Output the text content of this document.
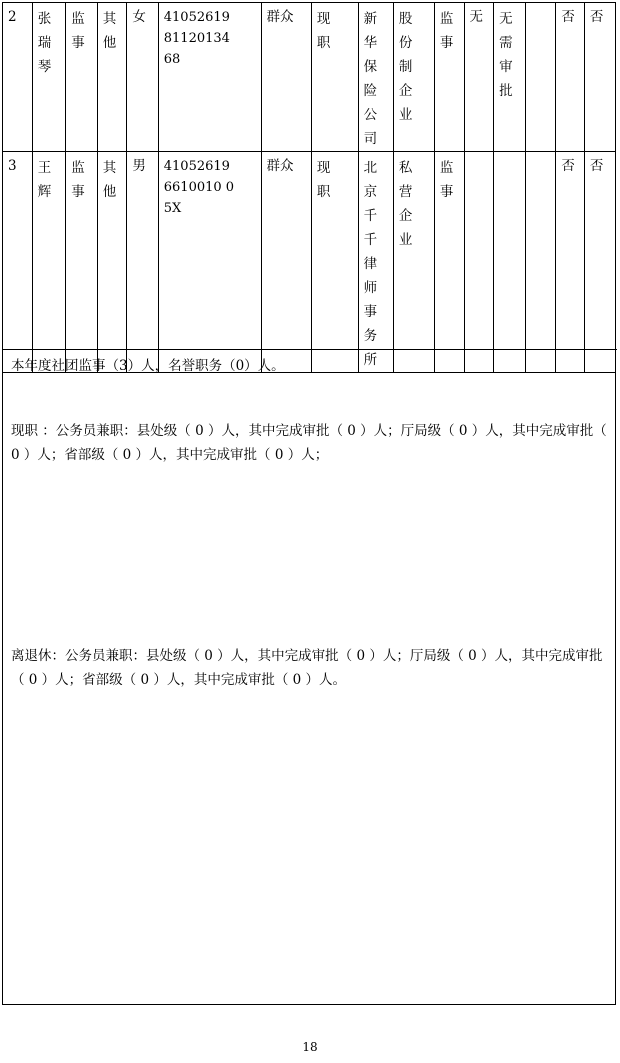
2	张瑞琴	监事	其他	女	410526198112013468	群众	现职	新华保险公司	股份制企业	监事	无	无需审批		否	否
3	王辉	监事	其他	男	410526196610010 05X	群众	现职	北京千千律师事务所	私营企业	监事				否	否
本年度社团监事（3）人，名誉职务（0）人。
现职 ：公务员兼职：县处级（ 0 ）人，其中完成审批（ 0 ）人；厅局级（ 0 ）人，其中完成审批（ 0 ）人；省部级（ 0 ）人，其中完成审批（ 0 ）人；
离退休：公务员兼职：县处级（ 0 ）人，其中完成审批（ 0 ）人；厅局级（ 0 ）人，其中完成审批（ 0 ）人；省部级（ 0 ）人，其中完成审批（ 0 ）人。
18
